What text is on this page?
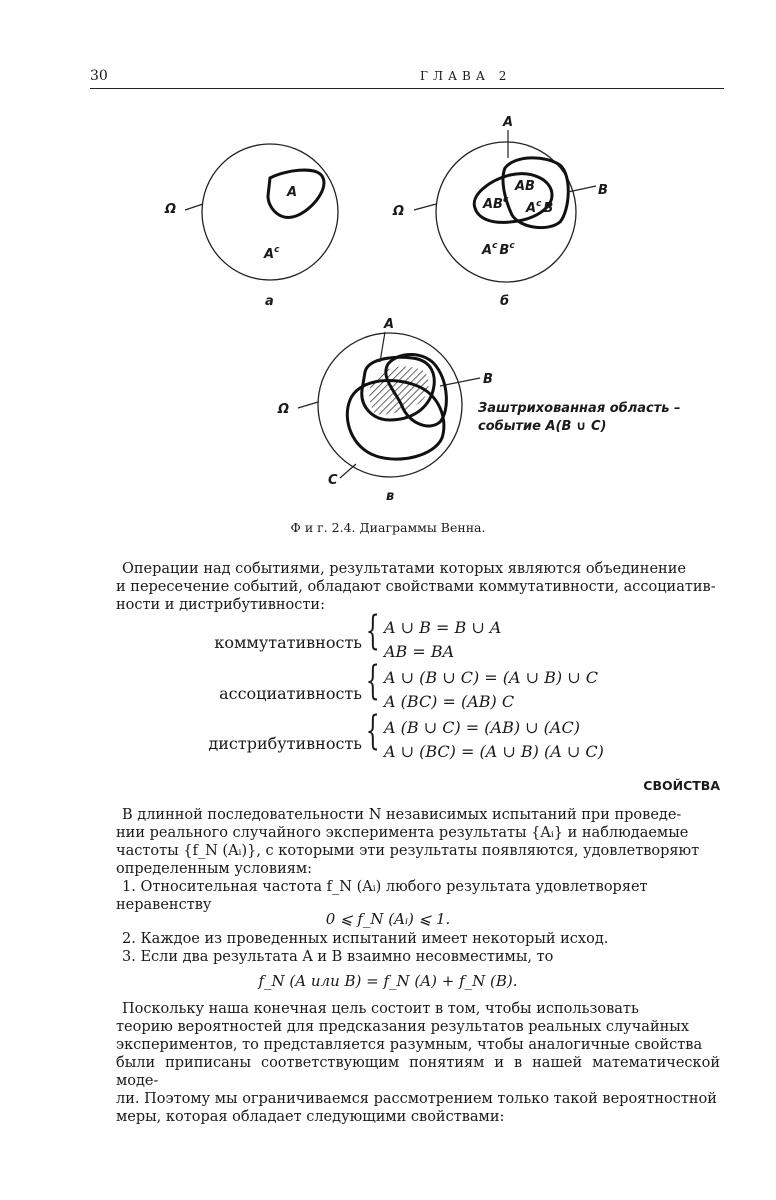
30	ГЛАВА 2
Ω
A
$A^c$
а
A
B
Ω
AB
$AB^c$
$A^c$ B
$A^c$ $B^c$
б
A
B
Ω
C
Заштрихованная область –
событие A(B ∪ C)
в
Ф и г. 2.4. Диаграммы Венна.
Операции над событиями, результатами которых являются объединение
и пересечение событий, обладают свойствами коммутативности, ассоциатив-
ности и дистрибутивности:
коммутативность { A ∪ B = B ∪ A
AB = BA
ассоциативность { A ∪ (B ∪ C) = (A ∪ B) ∪ C
A (BC) = (AB) C
дистрибутивность { A (B ∪ C) = (AB) ∪ (AC)
A ∪ (BC) = (A ∪ B) (A ∪ C)
СВОЙСТВА
В длинной последовательности N независимых испытаний при проведе-
нии реального случайного эксперимента результаты {Aᵢ} и наблюдаемые
частоты {f_N (Aᵢ)}, с которыми эти результаты появляются, удовлетворяют
определенным условиям:
1. Относительная частота f_N (Aᵢ) любого результата удовлетворяет
неравенству
0 ⩽ f_N (Aᵢ) ⩽ 1.
2. Каждое из проведенных испытаний имеет некоторый исход.
3. Если два результата A и B взаимно несовместимы, то
f_N (A или B) = f_N (A) + f_N (B).
Поскольку наша конечная цель состоит в том, чтобы использовать
теорию вероятностей для предсказания результатов реальных случайных
экспериментов, то представляется разумным, чтобы аналогичные свойства
были приписаны соответствующим понятиям и в нашей математической моде-
ли. Поэтому мы ограничиваемся рассмотрением только такой вероятностной
меры, которая обладает следующими свойствами:
